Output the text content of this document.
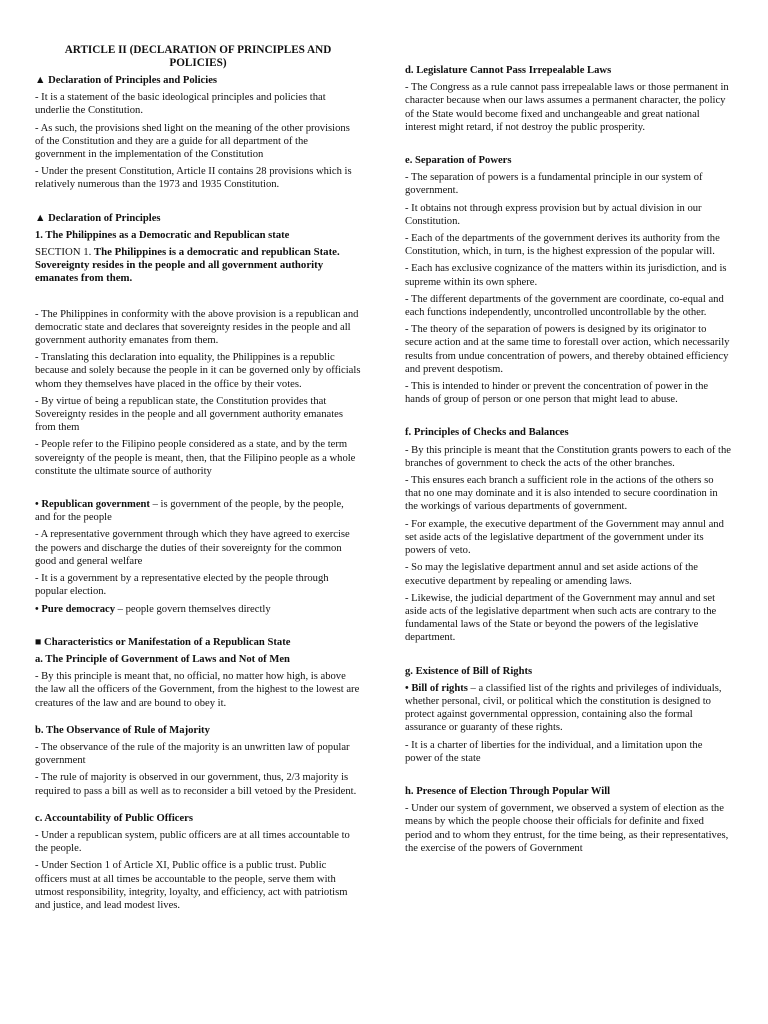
ARTICLE II (DECLARATION OF PRINCIPLES AND POLICIES)

▲ Declaration of Principles and Policies

- It is a statement of the basic ideological principles and policies that underlie the Constitution.

- As such, the provisions shed light on the meaning of the other provisions of the Constitution and they are a guide for all department of the government in the implementation of the Constitution

- Under the present Constitution, Article II contains 28 provisions which is relatively numerous than the 1973 and 1935 Constitution.

▲ Declaration of Principles

1. The Philippines as a Democratic and Republican state

SECTION 1. The Philippines is a democratic and republican State. Sovereignty resides in the people and all government authority emanates from them.

- The Philippines in conformity with the above provision is a republican and democratic state and declares that sovereignty resides in the people and all government authority emanates from them.

- Translating this declaration into equality, the Philippines is a republic because and solely because the people in it can be governed only by officials whom they themselves have placed in the office by their votes.

- By virtue of being a republican state, the Constitution provides that Sovereignty resides in the people and all government authority emanates from them

- People refer to the Filipino people considered as a state, and by the term sovereignty of the people is meant, then, that the Filipino people as a whole constitute the ultimate source of authority

• Republican government – is government of the people, by the people, and for the people

- A representative government through which they have agreed to exercise the powers and discharge the duties of their sovereignty for the common good and general welfare

- It is a government by a representative elected by the people through popular election.

• Pure democracy – people govern themselves directly

■ Characteristics or Manifestation of a Republican State

a. The Principle of Government of Laws and Not of Men

- By this principle is meant that, no official, no matter how high, is above the law all the officers of the Government, from the highest to the lowest are creatures of the law and are bound to obey it.

b. The Observance of Rule of Majority

- The observance of the rule of the majority is an unwritten law of popular government

- The rule of majority is observed in our government, thus, 2/3 majority is required to pass a bill as well as to reconsider a bill vetoed by the President.

c. Accountability of Public Officers

- Under a republican system, public officers are at all times accountable to the people.

- Under Section 1 of Article XI, Public office is a public trust. Public officers must at all times be accountable to the people, serve them with utmost responsibility, integrity, loyalty, and efficiency, act with patriotism and justice, and lead modest lives.

d. Legislature Cannot Pass Irrepealable Laws

- The Congress as a rule cannot pass irrepealable laws or those permanent in character because when our laws assumes a permanent character, the policy of the State would become fixed and unchangeable and great national interest might retard, if not destroy the public prosperity.

e. Separation of Powers

- The separation of powers is a fundamental principle in our system of government.

- It obtains not through express provision but by actual division in our Constitution.

- Each of the departments of the government derives its authority from the Constitution, which, in turn, is the highest expression of the popular will.

- Each has exclusive cognizance of the matters within its jurisdiction, and is supreme within its own sphere.

- The different departments of the government are coordinate, co-equal and each functions independently, uncontrolled uncontrollable by the other.

- The theory of the separation of powers is designed by its originator to secure action and at the same time to forestall over action, which necessarily results from undue concentration of powers, and thereby obtained efficiency and prevent despotism.

- This is intended to hinder or prevent the concentration of power in the hands of group of person or one person that might lead to abuse.

f. Principles of Checks and Balances

- By this principle is meant that the Constitution grants powers to each of the branches of government to check the acts of the other branches.

- This ensures each branch a sufficient role in the actions of the others so that no one may dominate and it is also intended to secure coordination in the workings of various departments of government.

- For example, the executive department of the Government may annul and set aside acts of the legislative department of the government under its powers of veto.

- So may the legislative department annul and set aside actions of the executive department by repealing or amending laws.

- Likewise, the judicial department of the Government may annul and set aside acts of the legislative department when such acts are contrary to the fundamental laws of the State or beyond the powers of the legislative department.

g. Existence of Bill of Rights

• Bill of rights – a classified list of the rights and privileges of individuals, whether personal, civil, or political which the constitution is designed to protect against governmental oppression, containing also the formal assurance or guaranty of these rights.

- It is a charter of liberties for the individual, and a limitation upon the power of the state

h. Presence of Election Through Popular Will

- Under our system of government, we observed a system of election as the means by which the people choose their officials for definite and fixed period and to whom they entrust, for the time being, as their representatives, the exercise of the powers of Government
